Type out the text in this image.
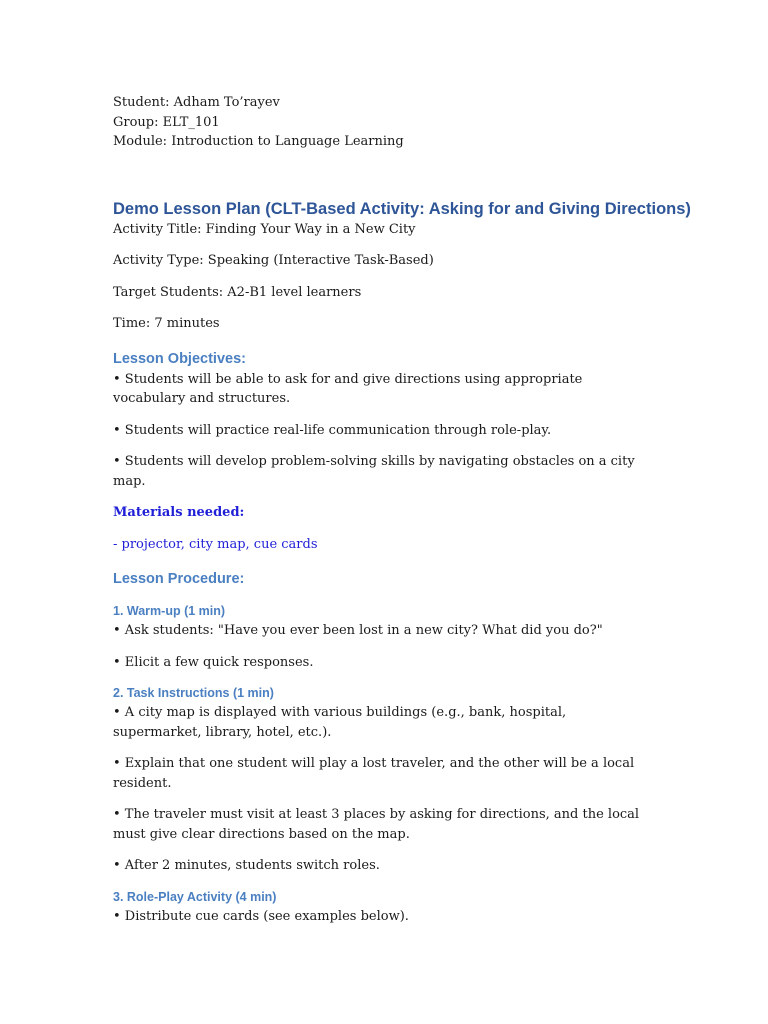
Student: Adham To’rayev

Group: ELT_101

Module: Introduction to Language Learning

Demo Lesson Plan (CLT-Based Activity: Asking for and Giving Directions)

Activity Title: Finding Your Way in a New City

Activity Type: Speaking (Interactive Task-Based)

Target Students: A2-B1 level learners

Time: 7 minutes

Lesson Objectives:

• Students will be able to ask for and give directions using appropriate vocabulary and structures.

• Students will practice real-life communication through role-play.

• Students will develop problem-solving skills by navigating obstacles on a city map.

Materials needed:

- projector, city map, cue cards

Lesson Procedure:
1. Warm-up (1 min)

• Ask students: "Have you ever been lost in a new city? What did you do?"

• Elicit a few quick responses.

2. Task Instructions (1 min)

• A city map is displayed with various buildings (e.g., bank, hospital, supermarket, library, hotel, etc.).

• Explain that one student will play a lost traveler, and the other will be a local resident.

• The traveler must visit at least 3 places by asking for directions, and the local must give clear directions based on the map.

• After 2 minutes, students switch roles.

3. Role-Play Activity (4 min)

• Distribute cue cards (see examples below).
